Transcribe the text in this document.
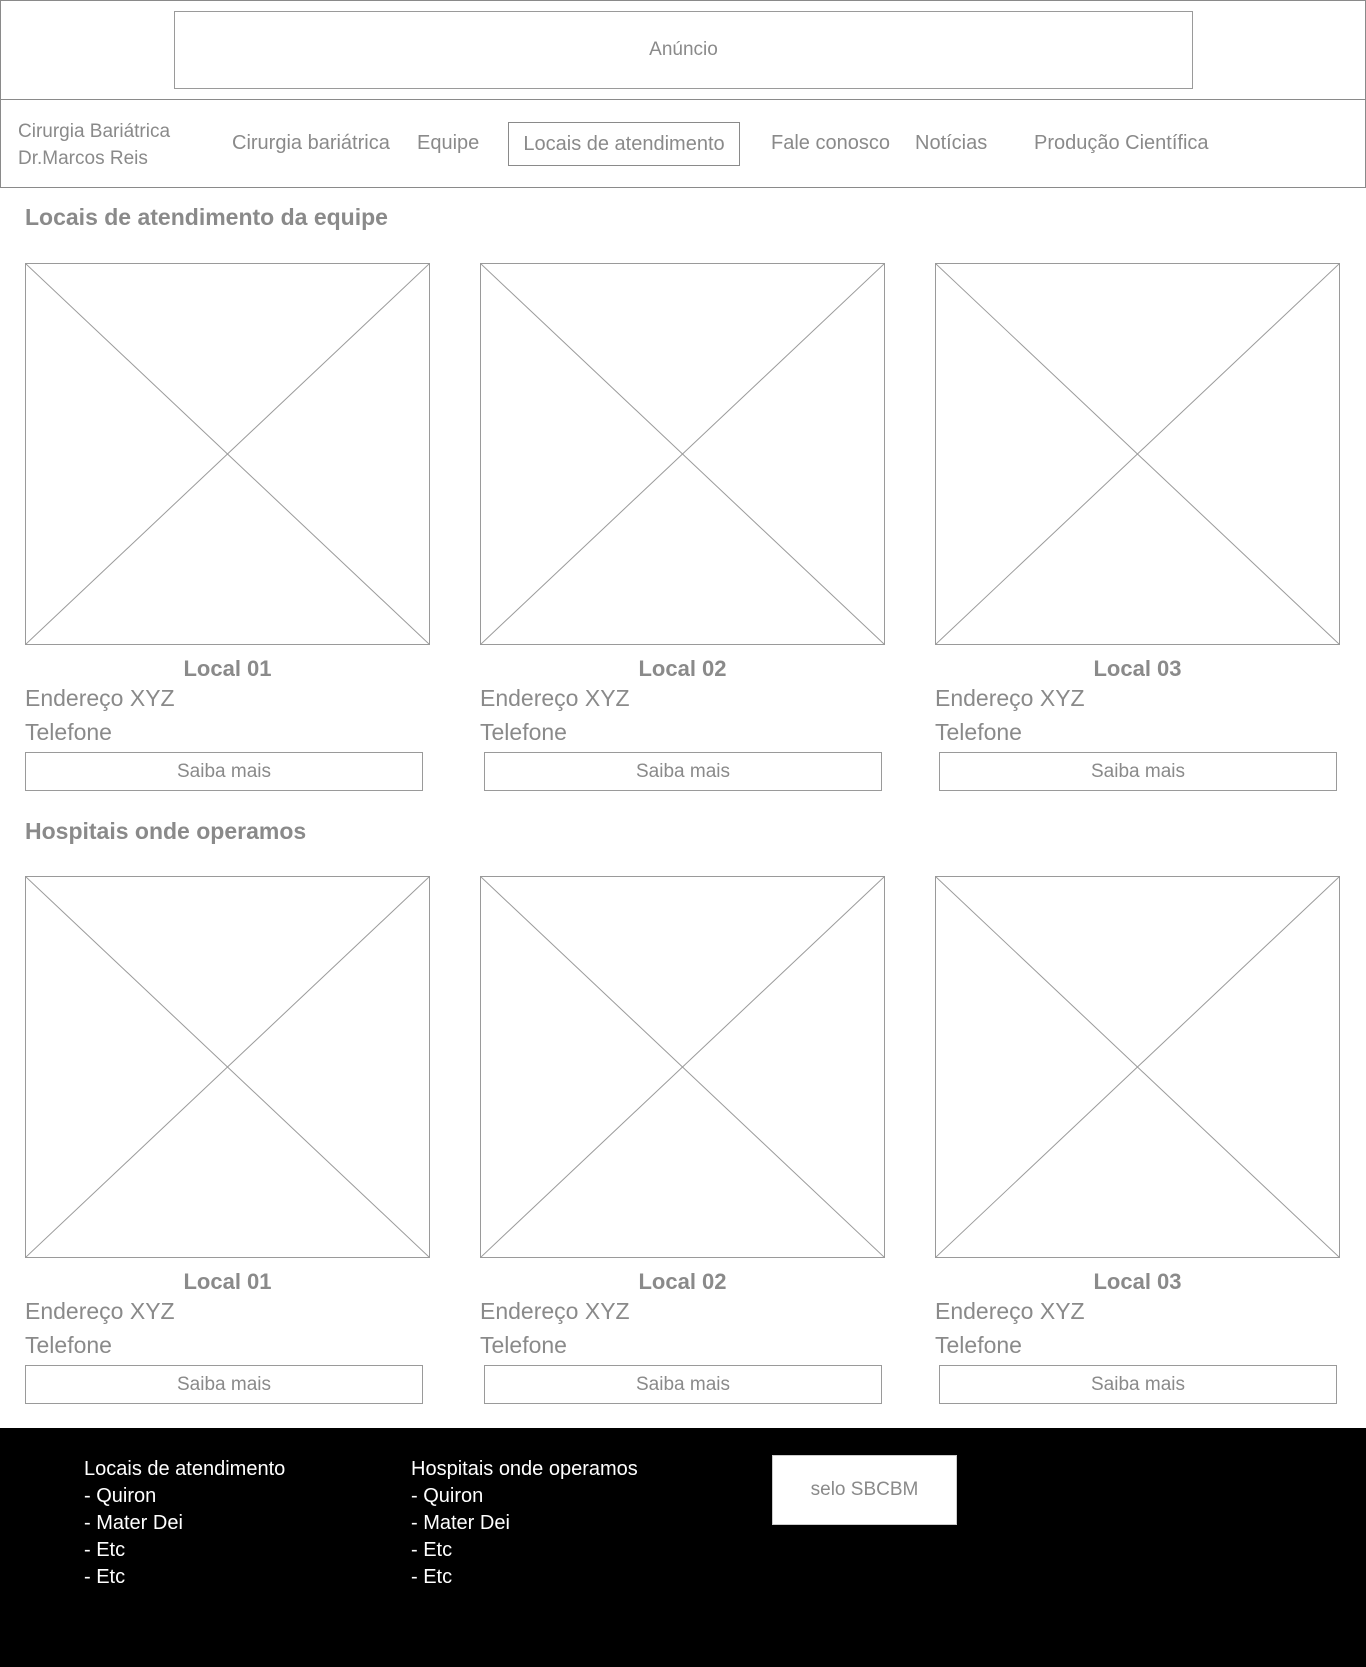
Anúncio
Cirurgia Bariátrica
Dr.Marcos Reis
Cirurgia bariátrica Equipe	Locais de atendimento	Fale conosco Notícias Produção Científica
Locais de atendimento da equipe
Local 01
Endereço XYZ
Telefone
Saiba mais
Local 02
Endereço XYZ
Telefone
Saiba mais
Local 03
Endereço XYZ
Telefone
Saiba mais
Hospitais onde operamos
Local 01
Endereço XYZ
Telefone
Saiba mais
Local 02
Endereço XYZ
Telefone
Saiba mais
Local 03
Endereço XYZ
Telefone
Saiba mais
Locais de atendimento
- Quiron
- Mater Dei
- Etc
- Etc
Hospitais onde operamos
- Quiron
- Mater Dei
- Etc
- Etc
selo SBCBM
